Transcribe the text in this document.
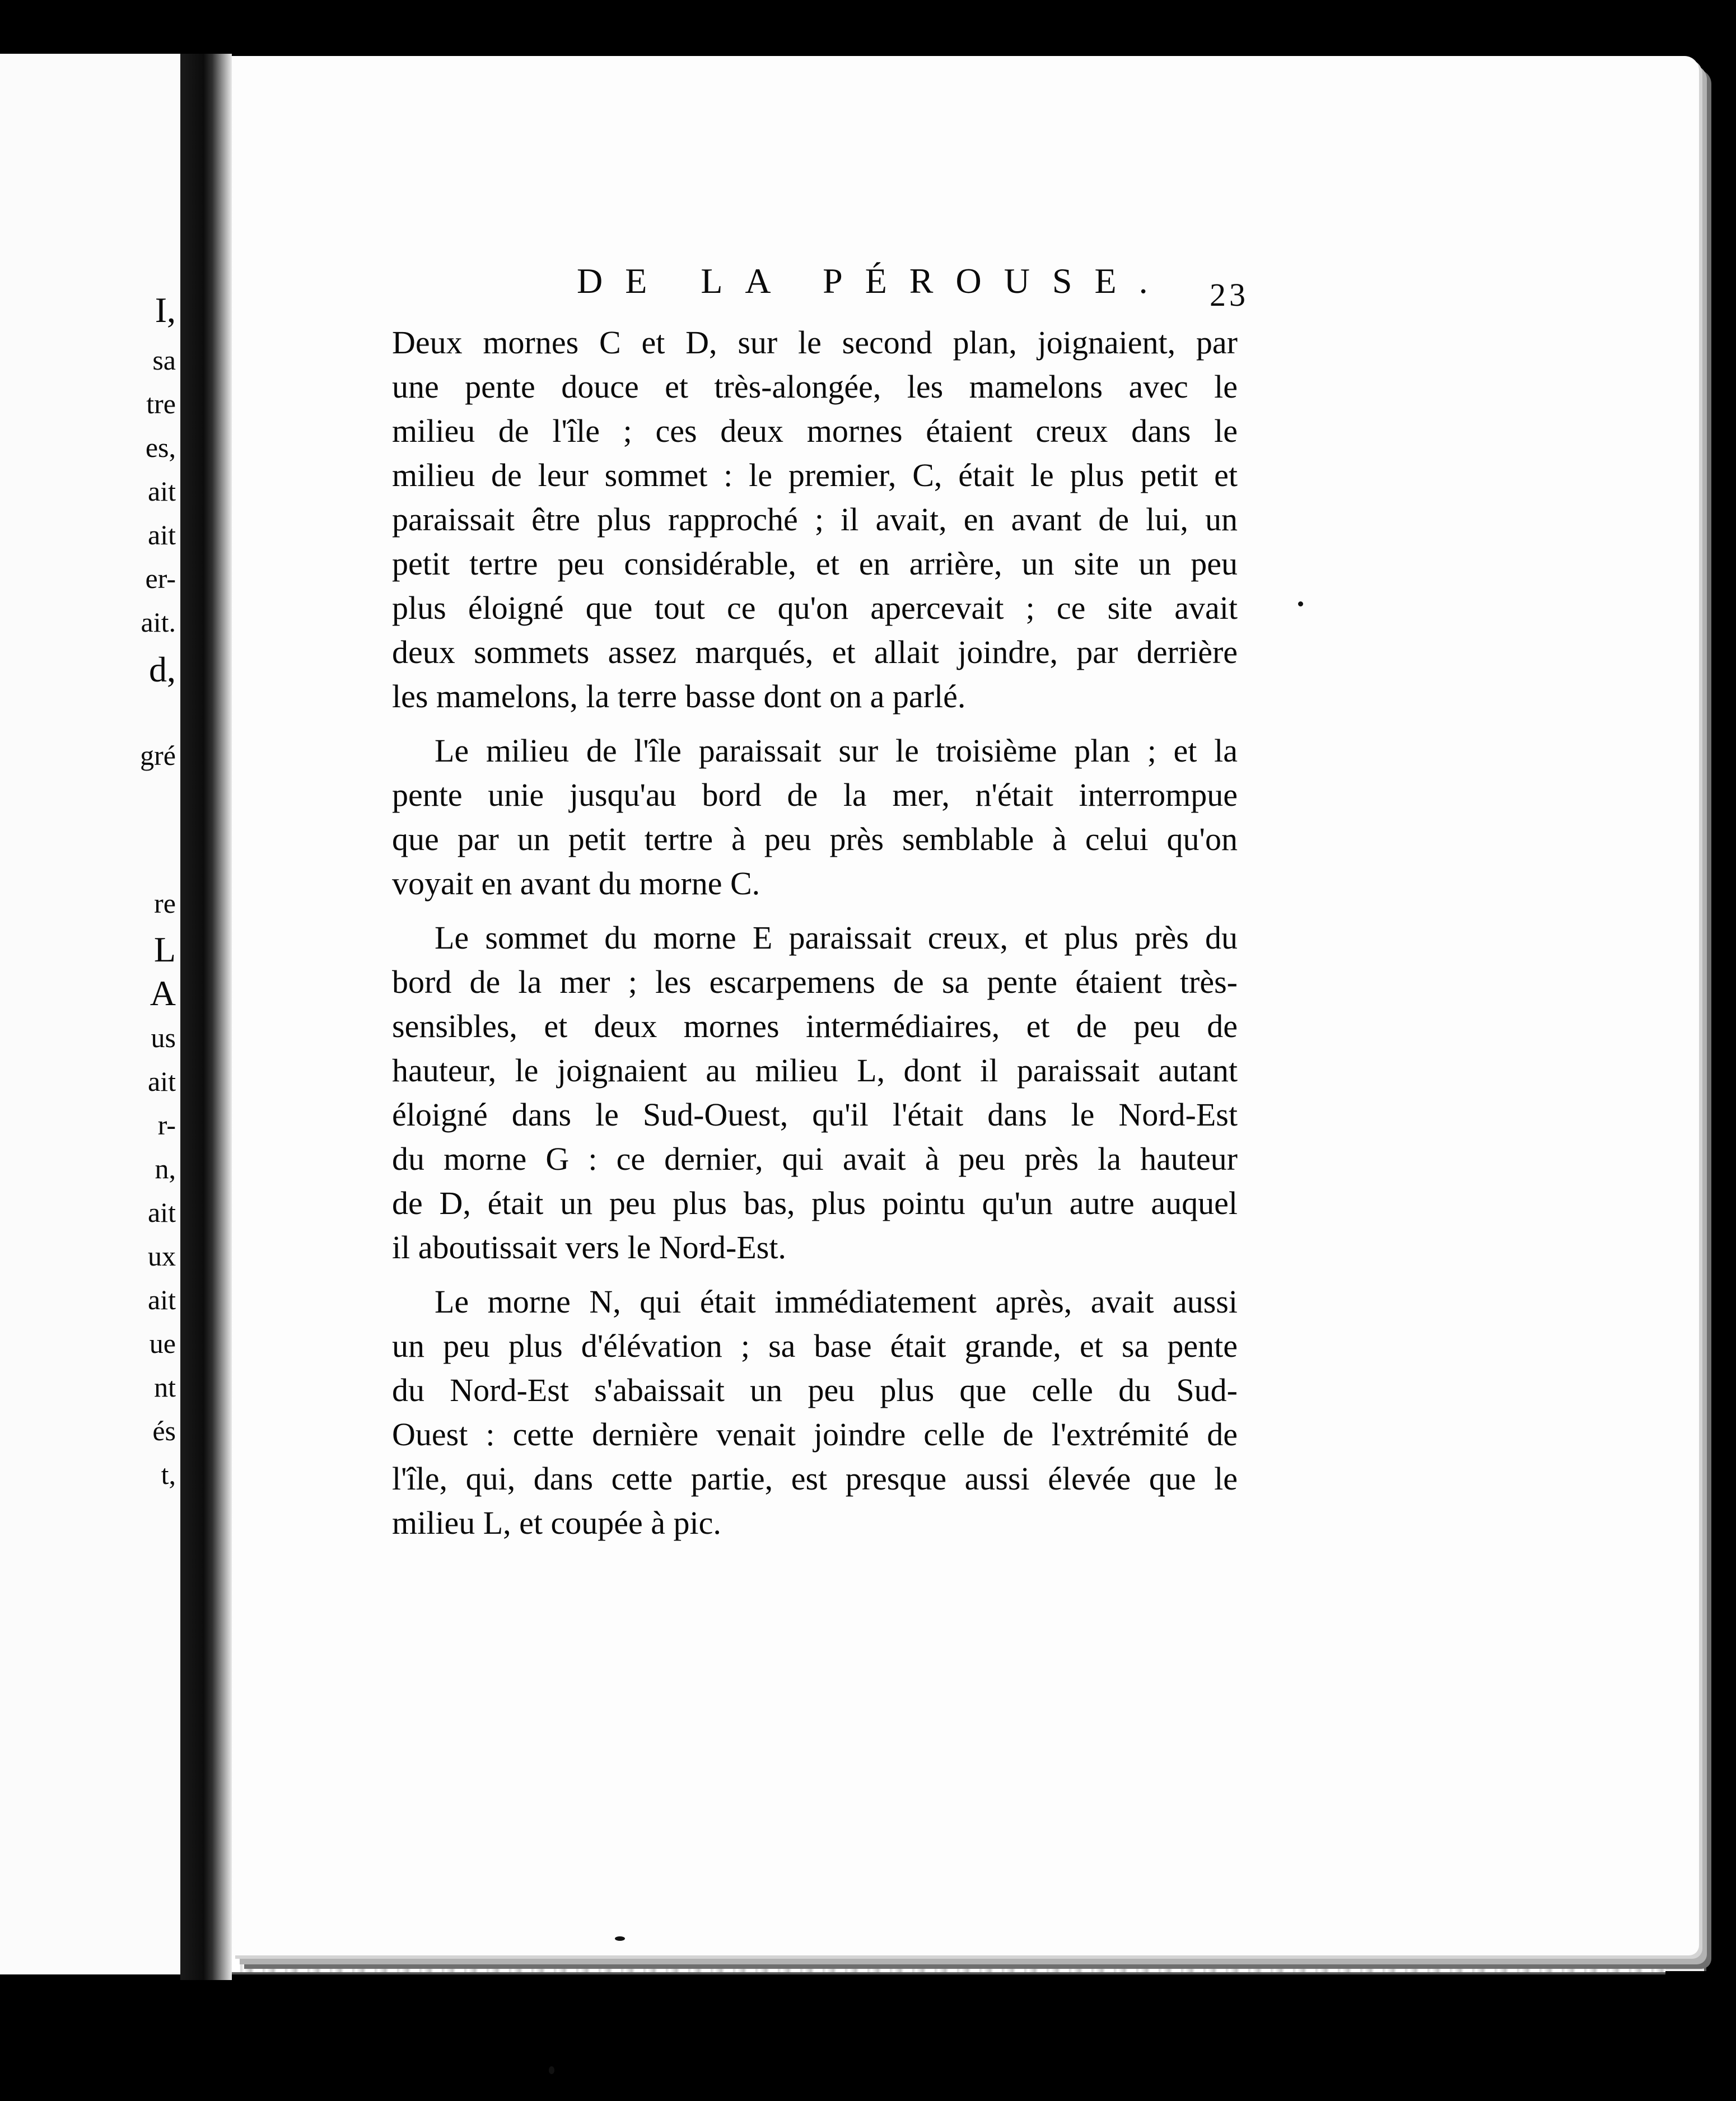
I,
sa
tre
es,
ait
ait
er-
ait.
d,
gré
re
L
A
us
ait
r-
n,
ait
ux
ait
ue
nt
és
t,
DE LA PÉROUSE. 23
Deux mornes C et D, sur le second plan, joignaient, par
une pente douce et très-alongée, les mamelons avec le
milieu de l'île ; ces deux mornes étaient creux dans le
milieu de leur sommet : le premier, C, était le plus petit et
paraissait être plus rapproché ; il avait, en avant de lui, un
petit tertre peu considérable, et en arrière, un site un peu
plus éloigné que tout ce qu'on apercevait ; ce site avait
deux sommets assez marqués, et allait joindre, par derrière
les mamelons, la terre basse dont on a parlé.
Le milieu de l'île paraissait sur le troisième plan ; et la
pente unie jusqu'au bord de la mer, n'était interrompue
que par un petit tertre à peu près semblable à celui qu'on
voyait en avant du morne C.
Le sommet du morne E paraissait creux, et plus près du
bord de la mer ; les escarpemens de sa pente étaient très-
sensibles, et deux mornes intermédiaires, et de peu de
hauteur, le joignaient au milieu L, dont il paraissait autant
éloigné dans le Sud-Ouest, qu'il l'était dans le Nord-Est
du morne G : ce dernier, qui avait à peu près la hauteur
de D, était un peu plus bas, plus pointu qu'un autre auquel
il aboutissait vers le Nord-Est.
Le morne N, qui était immédiatement après, avait aussi
un peu plus d'élévation ; sa base était grande, et sa pente
du Nord-Est s'abaissait un peu plus que celle du Sud-
Ouest : cette dernière venait joindre celle de l'extrémité de
l'île, qui, dans cette partie, est presque aussi élevée que le
milieu L, et coupée à pic.
